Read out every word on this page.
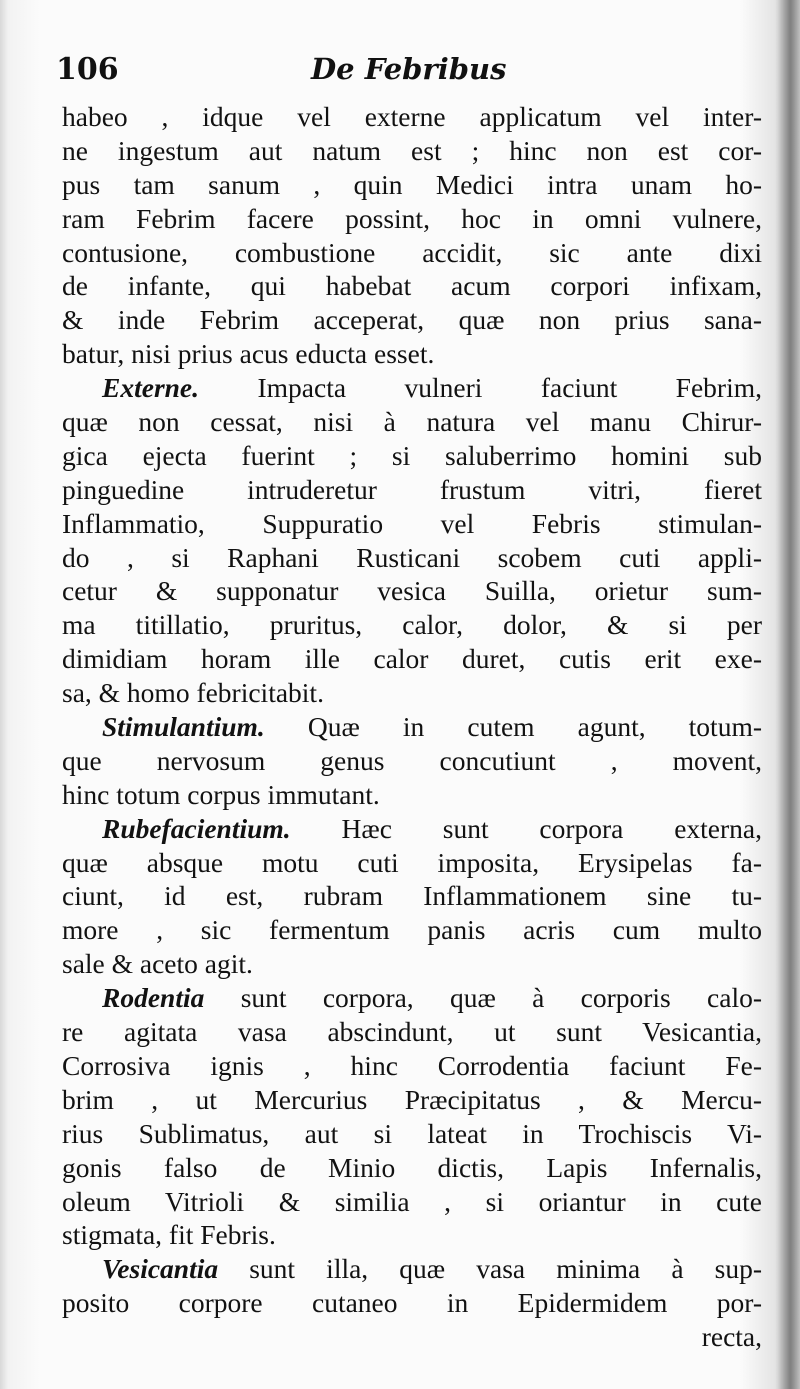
106	De Febribus
habeo , idque vel externe applicatum vel inter-
ne ingestum aut natum est ; hinc non est cor-
pus tam sanum , quin Medici intra unam ho-
ram Febrim facere possint, hoc in omni vulnere,
contusione, combustione accidit, sic ante dixi
de infante, qui habebat acum corpori infixam,
& inde Febrim acceperat, quæ non prius sana-
batur, nisi prius acus educta esset.
Externe. Impacta vulneri faciunt Febrim,
quæ non cessat, nisi à natura vel manu Chirur-
gica ejecta fuerint ; si saluberrimo homini sub
pinguedine intruderetur frustum vitri, fieret
Inflammatio, Suppuratio vel Febris stimulan-
do , si Raphani Rusticani scobem cuti appli-
cetur & supponatur vesica Suilla, orietur sum-
ma titillatio, pruritus, calor, dolor, & si per
dimidiam horam ille calor duret, cutis erit exe-
sa, & homo febricitabit.
Stimulantium. Quæ in cutem agunt, totum-
que nervosum genus concutiunt , movent,
hinc totum corpus immutant.
Rubefacientium. Hæc sunt corpora externa,
quæ absque motu cuti imposita, Erysipelas fa-
ciunt, id est, rubram Inflammationem sine tu-
more , sic fermentum panis acris cum multo
sale & aceto agit.
Rodentia sunt corpora, quæ à corporis calo-
re agitata vasa abscindunt, ut sunt Vesicantia,
Corrosiva ignis , hinc Corrodentia faciunt Fe-
brim , ut Mercurius Præcipitatus , & Mercu-
rius Sublimatus, aut si lateat in Trochiscis Vi-
gonis falso de Minio dictis, Lapis Infernalis,
oleum Vitrioli & similia , si oriantur in cute
stigmata, fit Febris.
Vesicantia sunt illa, quæ vasa minima à sup-
posito corpore cutaneo in Epidermidem por-
recta,
